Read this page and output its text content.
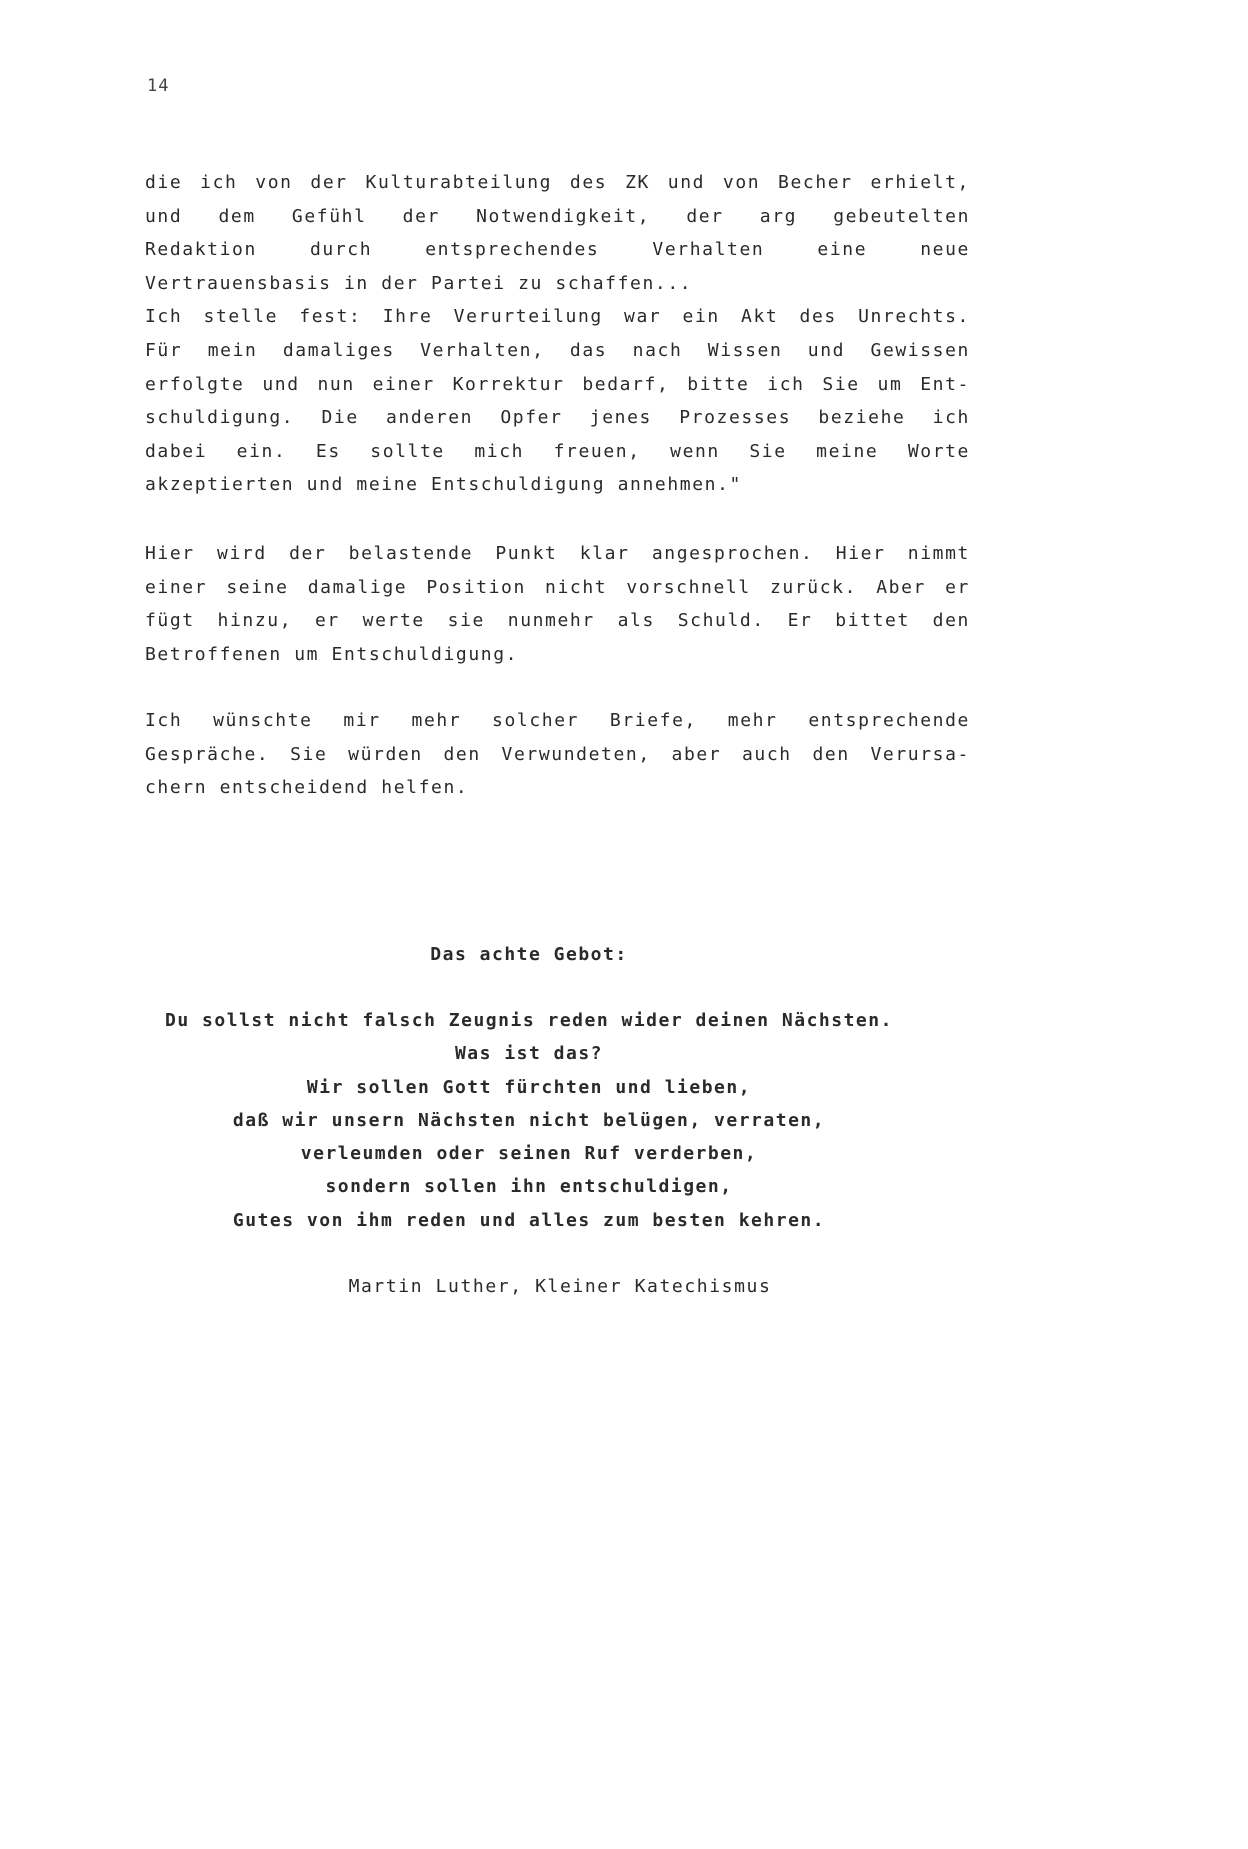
14
die ich von der Kulturabteilung des ZK und von Becher erhielt,
und dem Gefühl der Notwendigkeit, der arg gebeutelten
Redaktion durch entsprechendes Verhalten eine neue
Vertrauensbasis in der Partei zu schaffen...
Ich stelle fest: Ihre Verurteilung war ein Akt des Unrechts.
Für mein damaliges Verhalten, das nach Wissen und Gewissen
erfolgte und nun einer Korrektur bedarf, bitte ich Sie um Ent-
schuldigung. Die anderen Opfer jenes Prozesses beziehe ich
dabei ein. Es sollte mich freuen, wenn Sie meine Worte
akzeptierten und meine Entschuldigung annehmen."
Hier wird der belastende Punkt klar angesprochen. Hier nimmt
einer seine damalige Position nicht vorschnell zurück. Aber er
fügt hinzu, er werte sie nunmehr als Schuld. Er bittet den
Betroffenen um Entschuldigung.
Ich wünschte mir mehr solcher Briefe, mehr entsprechende
Gespräche. Sie würden den Verwundeten, aber auch den Verursa-
chern entscheidend helfen.
Das achte Gebot:
Du sollst nicht falsch Zeugnis reden wider deinen Nächsten.
Was ist das?
Wir sollen Gott fürchten und lieben,
daß wir unsern Nächsten nicht belügen, verraten,
verleumden oder seinen Ruf verderben,
sondern sollen ihn entschuldigen,
Gutes von ihm reden und alles zum besten kehren.
Martin Luther, Kleiner Katechismus
